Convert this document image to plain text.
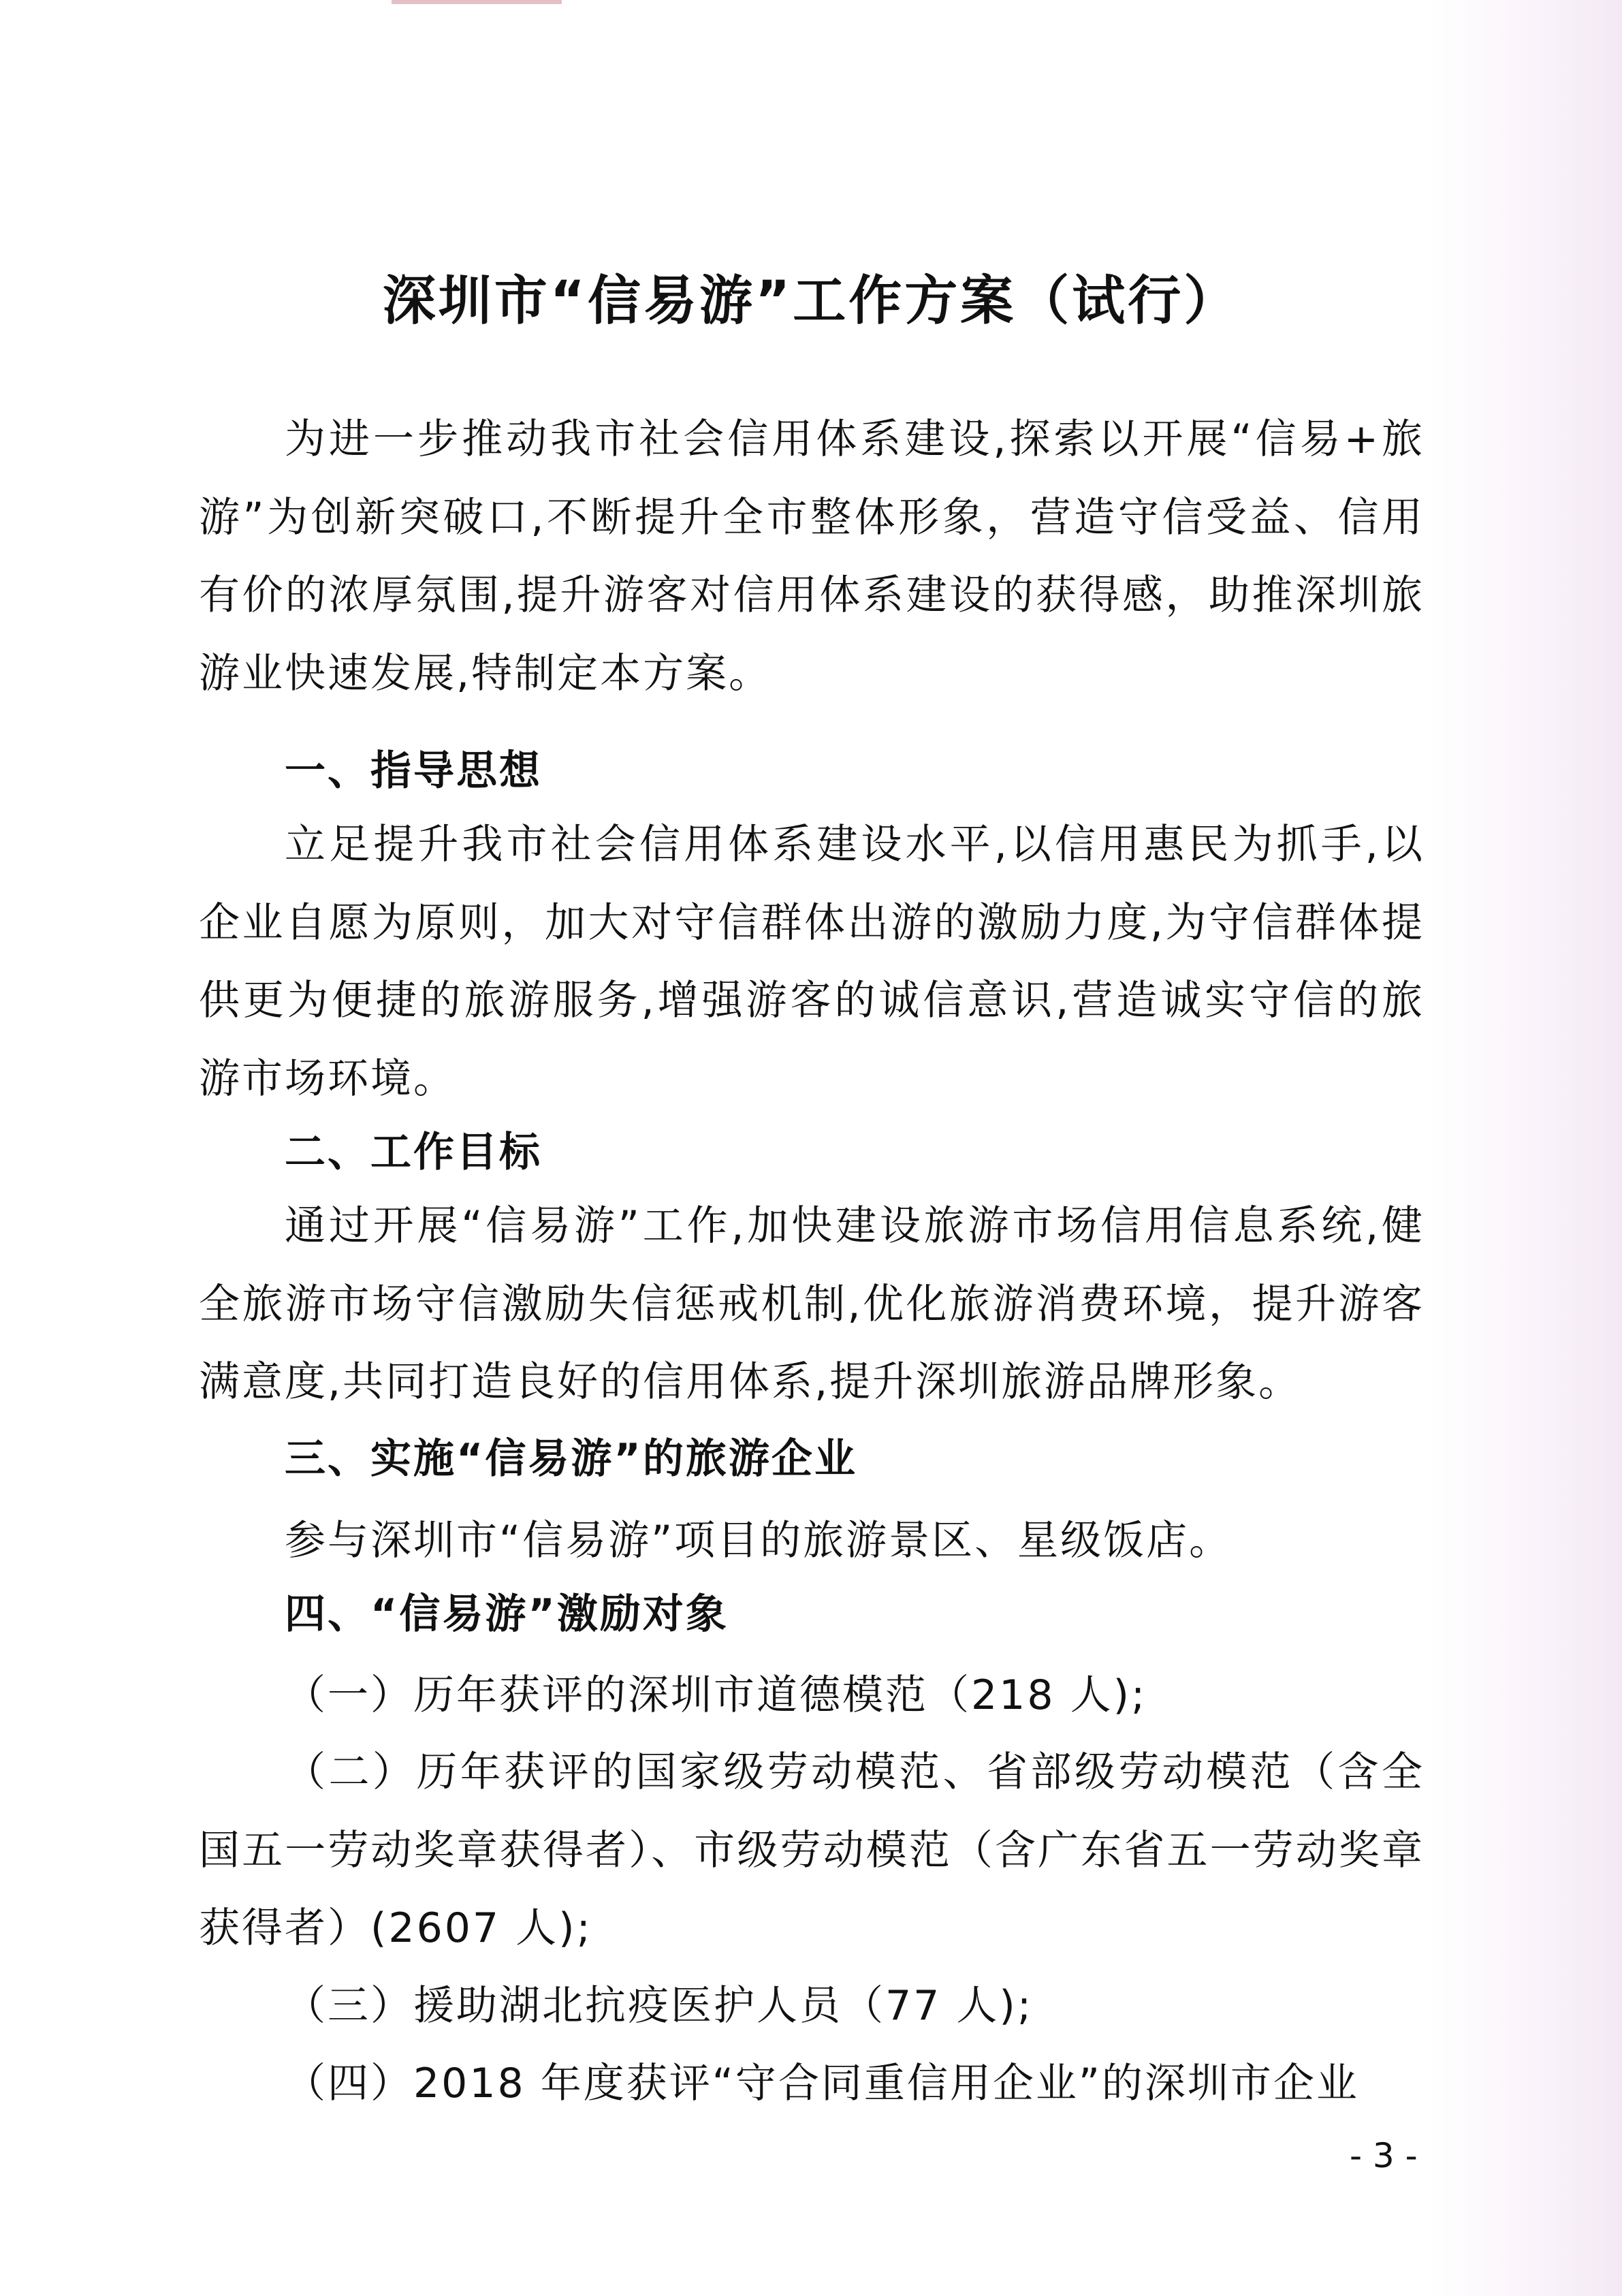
深圳市“信易游”工作方案（试行）

为进一步推动我市社会信用体系建设,探索以开展“信易+旅游”为创新突破口,不断提升全市整体形象，营造守信受益、信用有价的浓厚氛围,提升游客对信用体系建设的获得感，助推深圳旅游业快速发展,特制定本方案。

一、指导思想

立足提升我市社会信用体系建设水平,以信用惠民为抓手,以企业自愿为原则，加大对守信群体出游的激励力度,为守信群体提供更为便捷的旅游服务,增强游客的诚信意识,营造诚实守信的旅游市场环境。

二、工作目标

通过开展“信易游”工作,加快建设旅游市场信用信息系统,健全旅游市场守信激励失信惩戒机制,优化旅游消费环境，提升游客满意度,共同打造良好的信用体系,提升深圳旅游品牌形象。

三、实施“信易游”的旅游企业

参与深圳市“信易游”项目的旅游景区、星级饭店。

四、“信易游”激励对象

（一）历年获评的深圳市道德模范（218 人);

（二）历年获评的国家级劳动模范、省部级劳动模范（含全国五一劳动奖章获得者）、市级劳动模范（含广东省五一劳动奖章获得者）(2607 人);

（三）援助湖北抗疫医护人员（77 人);

（四）2018 年度获评“守合同重信用企业”的深圳市企业

- 3 -
